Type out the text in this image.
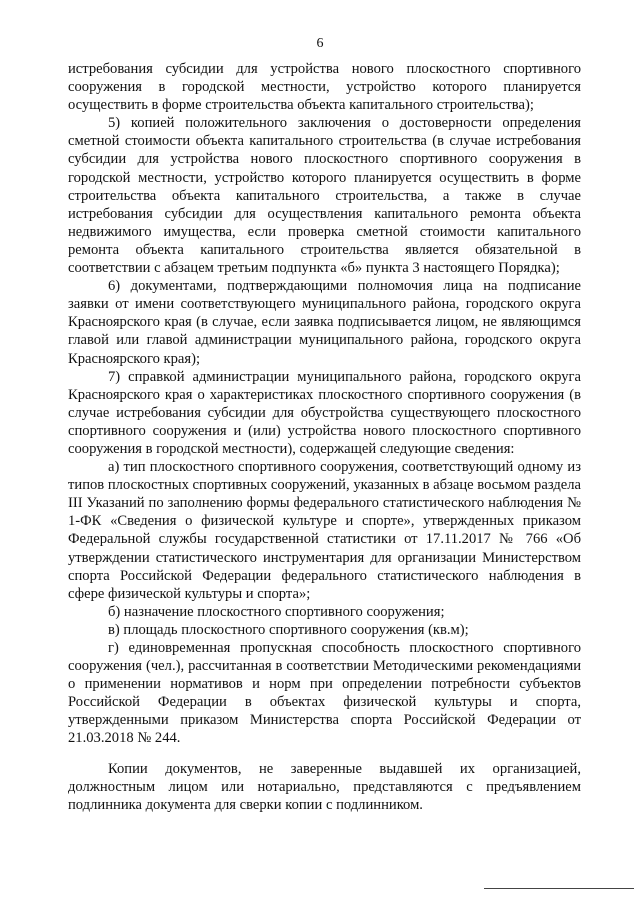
6

истребования субсидии для устройства нового плоскостного спортивного сооружения в городской местности, устройство которого планируется осуществить в форме строительства объекта капитального строительства);

5) копией положительного заключения о достоверности определения сметной стоимости объекта капитального строительства (в случае истребования субсидии для устройства нового плоскостного спортивного сооружения в городской местности, устройство которого планируется осуществить в форме строительства объекта капитального строительства, а также в случае истребования субсидии для осуществления капитального ремонта объекта недвижимого имущества, если проверка сметной стоимости капитального ремонта объекта капитального строительства является обязательной в соответствии с абзацем третьим подпункта «б» пункта 3 настоящего Порядка);

6) документами, подтверждающими полномочия лица на подписание заявки от имени соответствующего муниципального района, городского округа Красноярского края (в случае, если заявка подписывается лицом, не являющимся главой или главой администрации муниципального района, городского округа Красноярского края);

7) справкой администрации муниципального района, городского округа Красноярского края о характеристиках плоскостного спортивного сооружения (в случае истребования субсидии для обустройства существующего плоскостного спортивного сооружения и (или) устройства нового плоскостного спортивного сооружения в городской местности), содержащей следующие сведения:

а) тип плоскостного спортивного сооружения, соответствующий одному из типов плоскостных спортивных сооружений, указанных в абзаце восьмом раздела III Указаний по заполнению формы федерального статистического наблюдения № 1-ФК «Сведения о физической культуре и спорте», утвержденных приказом Федеральной службы государственной статистики от 17.11.2017 № 766 «Об утверждении статистического инструментария для организации Министерством спорта Российской Федерации федерального статистического наблюдения в сфере физической культуры и спорта»;

б) назначение плоскостного спортивного сооружения;

в) площадь плоскостного спортивного сооружения (кв.м);

г) единовременная пропускная способность плоскостного спортивного сооружения (чел.), рассчитанная в соответствии Методическими рекомендациями о применении нормативов и норм при определении потребности субъектов Российской Федерации в объектах физической культуры и спорта, утвержденными приказом Министерства спорта Российской Федерации от 21.03.2018 № 244.

Копии документов, не заверенные выдавшей их организацией, должностным лицом или нотариально, представляются с предъявлением подлинника документа для сверки копии с подлинником.
